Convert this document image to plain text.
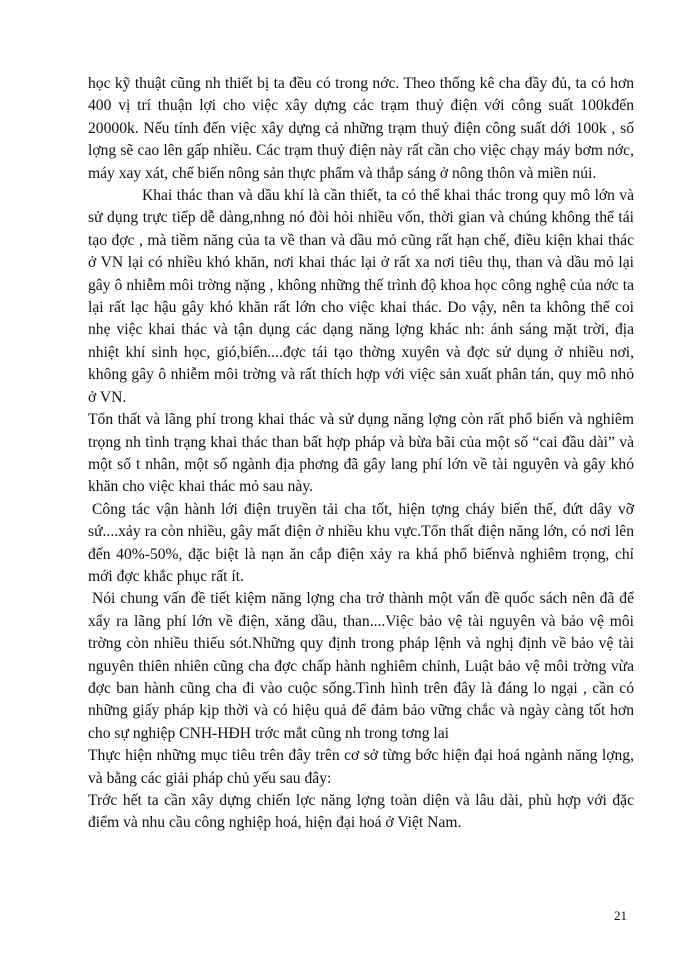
học kỹ thuật cũng nh thiết bị ta đều có trong nớc. Theo thống kê cha đầy đủ, ta có hơn 400 vị trí thuận lợi cho việc xây dựng các trạm thuỷ điện với công suất 100kđến 20000k. Nếu tính đến việc xây dựng cả những trạm thuỷ điện công suất dới 100k , số lợng sẽ cao lên gấp nhiều. Các trạm thuỷ điện này rất cần cho việc chạy máy bơm nớc, máy xay xát, chế biến nông sản thực phẩm và thắp sáng ở nông thôn và miền núi.

Khai thác than và dầu khí là cần thiết, ta có thể khai thác trong quy mô lớn và sử dụng trực tiếp dễ dàng,nhng nó đòi hỏi nhiều vốn, thời gian và chúng không thể tái tạo đợc , mà tiềm năng của ta về than và dầu mỏ cũng rất hạn chế, điều kiện khai thác ở VN lại có nhiều khó khăn, nơi khai thác lại ở rất xa nơi tiêu thụ, than và dầu mỏ lại gây ô nhiễm môi trờng nặng , không những thế trình độ khoa học công nghệ của nớc ta lại rất lạc hậu gây khó khăn rất lớn cho việc khai thác. Do vậy, nên ta không thể coi nhẹ việc khai thác và tận dụng các dạng năng lợng khác nh: ánh sáng mặt trời, địa nhiệt khí sinh học, gió,biển....đợc tái tạo thờng xuyên và đợc sử dụng ở nhiều nơi, không gây ô nhiễm môi trờng và rất thích hợp với việc sản xuất phân tán, quy mô nhỏ ở VN.

Tổn thất và lãng phí trong khai thác và sử dụng năng lợng còn rất phổ biến và nghiêm trọng nh tình trạng khai thác than bất hợp pháp và bừa bãi của một số “cai đầu dài” và một số t nhân, một số ngành địa phơng đã gây lang phí lớn về tài nguyên và gây khó khăn cho việc khai thác mỏ sau này.

Công tác vận hành lới điện truyền tải cha tốt, hiện tợng cháy biến thế, đứt dây vỡ sứ....xảy ra còn nhiều, gây mất điện ở nhiều khu vực.Tổn thất điện năng lớn, có nơi lên đến 40%-50%, đặc biệt là nạn ăn cắp điện xảy ra khá phổ biếnvà nghiêm trọng, chỉ mới đợc khắc phục rất ít.

Nói chung vấn đề tiết kiệm năng lợng cha trở thành một vấn đề quốc sách nên đã để xẩy ra lãng phí lớn về điện, xăng dầu, than....Việc bảo vệ tài nguyên và bảo vệ môi trờng còn nhiều thiếu sót.Những quy định trong pháp lệnh và nghị định về bảo vệ tài nguyên thiên nhiên cũng cha đợc chấp hành nghiêm chỉnh, Luật bảo vệ môi trờng vừa đợc ban hành cũng cha đi vào cuộc sống.Tình hình trên đây là đáng lo ngại , cần có những giấy pháp kịp thời và có hiệu quả để đảm bảo vững chắc và ngày càng tốt hơn cho sự nghiệp CNH-HĐH trớc mắt cũng nh trong tơng lai

Thực hiện những mục tiêu trên đây trên cơ sở từng bớc hiện đại hoá ngành năng lợng, và bằng các giải pháp chủ yếu sau đây:

Trớc hết ta cần xây dựng chiến lợc năng lợng toàn diện và lâu dài, phù hợp với đặc điểm và nhu cầu công nghiệp hoá, hiện đại hoá ở Việt Nam.

21
